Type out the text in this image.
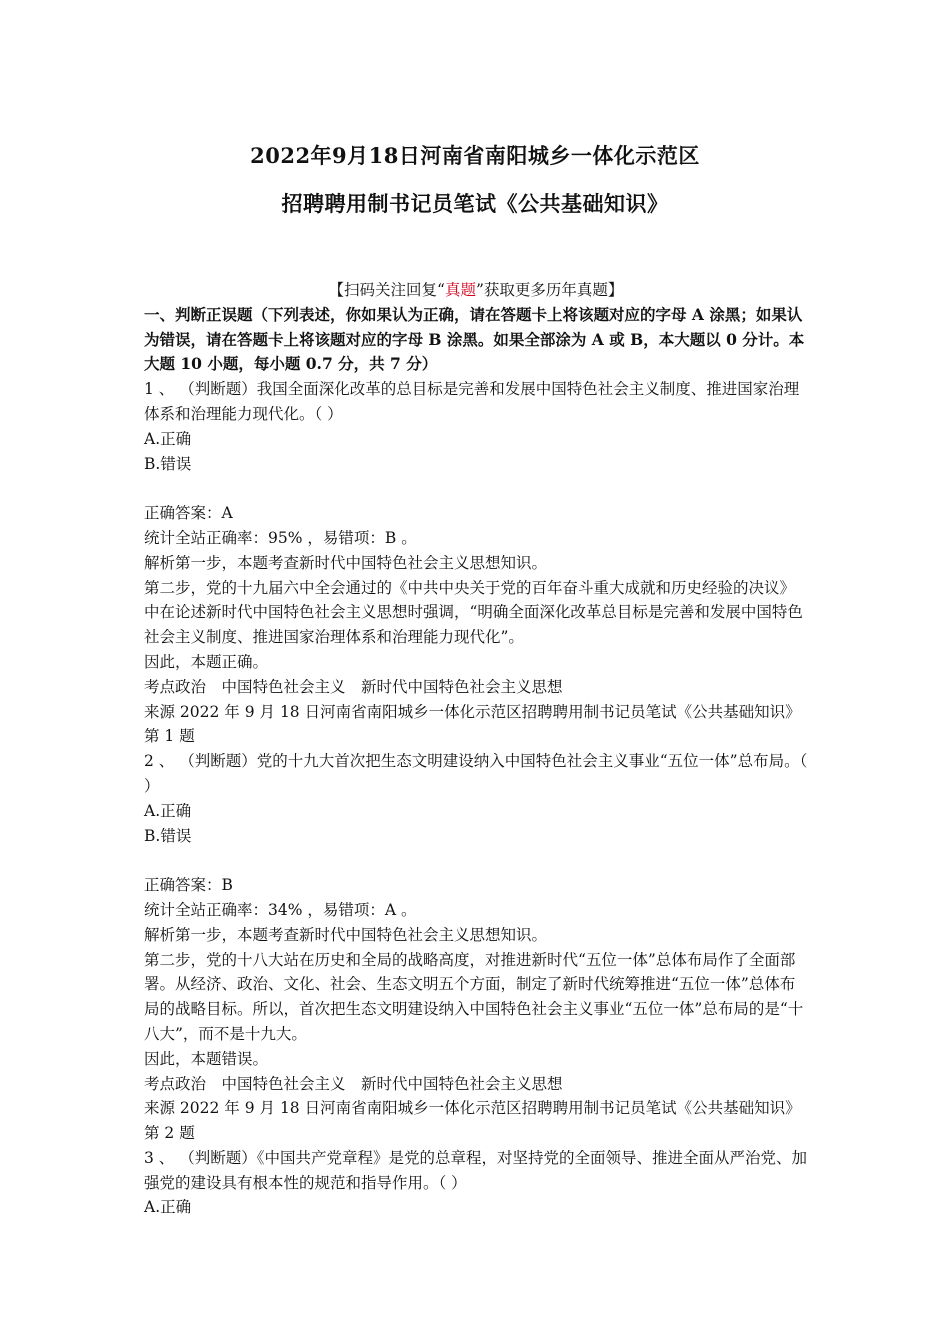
2022年9月18日河南省南阳城乡一体化示范区
招聘聘用制书记员笔试《公共基础知识》

【扫码关注回复“真题”获取更多历年真题】

一、判断正误题（下列表述，你如果认为正确，请在答题卡上将该题对应的字母 A 涂黑；如果认为错误，请在答题卡上将该题对应的字母 B 涂黑。如果全部涂为 A 或 B，本大题以 0 分计。本大题 10 小题，每小题 0.7 分，共 7 分）

1 、 （判断题）我国全面深化改革的总目标是完善和发展中国特色社会主义制度、推进国家治理体系和治理能力现代化。（ ）

A.正确

B.错误

正确答案：A

统计全站正确率：95% ，易错项：B 。

解析第一步，本题考查新时代中国特色社会主义思想知识。

第二步，党的十九届六中全会通过的《中共中央关于党的百年奋斗重大成就和历史经验的决议》中在论述新时代中国特色社会主义思想时强调，“明确全面深化改革总目标是完善和发展中国特色社会主义制度、推进国家治理体系和治理能力现代化”。

因此，本题正确。

考点政治　中国特色社会主义　新时代中国特色社会主义思想

来源 2022 年 9 月 18 日河南省南阳城乡一体化示范区招聘聘用制书记员笔试《公共基础知识》第 1 题

2 、 （判断题）党的十九大首次把生态文明建设纳入中国特色社会主义事业“五位一体”总布局。（ ）

A.正确

B.错误

正确答案：B

统计全站正确率：34% ，易错项：A 。

解析第一步，本题考查新时代中国特色社会主义思想知识。

第二步，党的十八大站在历史和全局的战略高度，对推进新时代“五位一体”总体布局作了全面部署。从经济、政治、文化、社会、生态文明五个方面，制定了新时代统筹推进“五位一体”总体布局的战略目标。所以，首次把生态文明建设纳入中国特色社会主义事业“五位一体”总布局的是“十八大”，而不是十九大。

因此，本题错误。

考点政治　中国特色社会主义　新时代中国特色社会主义思想

来源 2022 年 9 月 18 日河南省南阳城乡一体化示范区招聘聘用制书记员笔试《公共基础知识》第 2 题

3 、 （判断题）《中国共产党章程》是党的总章程，对坚持党的全面领导、推进全面从严治党、加强党的建设具有根本性的规范和指导作用。（ ）

A.正确
